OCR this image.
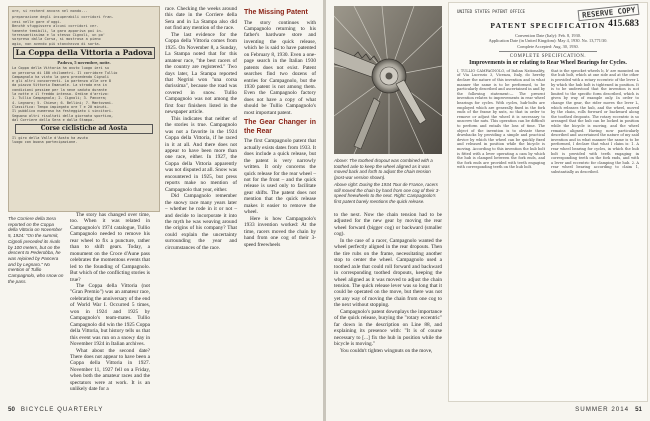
ore, si recherd ancora nel mondo...
preparazione degli insuperabili corridori fran-
cesi nelle gare d'oggi.
Benchè sfuggissero alcuni corridori cer-
tamente temibili, la gara appariva poi in-
teressantissima e lo stesso Cignoli, un po'
sorpreso dalla Corsa, si mostrava a pieno
agio, non avendo più stanchezza di sorta.
La Coppa della Vittoria a Padova
Padova, 5 novembre, notte.
La Coppa della Vittoria ha avuto luogo ieri su
un percorso di 180 chilometri. Il corridore Tullio
Campagnolo ha vinto la gara precedendo Cignoli
e gli altri concorrenti. La partenza alle ore 8
da piazza Vittorio Emanuele. La strada era in
condizioni pessime per la neve caduta durante
la notte e il freddo intenso. Ordine d'arrivo:
1. Tullio Campagnolo; 2. Cignoli; 3. Pancera;
4. Legnaro; 5. Chiese; 6. Bellini; 7. Mantovani.
Classifica: Tempo impiegato ore 7 e 20 minuti.
Il pubblico numeroso ha festeggiato i vincitori.
Seguono altri risultati della giornata sportiva,
dal Corriere della Sera e dalla Stampa.
Corse ciclistiche ad Aosta
Il giro della Valle d'Aosta ha avuto
luogo con buona partecipazione.
The Corriere della Sera reported on the Coppa della Vittoria on November 5, 1924: "On the summit, Cignoli preceded its rivals by 100 meters, but on the descent to Pederobba, he was rejoined by Pancera and by Legnaro." No mention of Tullio Campagnolo, who snow on the pass.

The story has changed over time, too. When it was related in Campagnolo's 1974 catalogue, Tullio Campagnolo needed to remove his rear wheel to fix a puncture, rather than to shift gears. Today, a monument on the Croce d'Aune pass celebrates the momentous events that led to the founding of Campagnolo. But which of the conflicting stories is true?

The Coppa della Vittoria (not "Gran Premio") was an amateur race, celebrating the anniversary of the end of World War I. Occurred 5 times, won in 1924 and 1925 by Campagnolo's team-mates. Tullio Campagnolo did win the 1925 Coppa della Vittoria, but history tells us that this event was run on a snowy day in November 1924 in Italian archives.

What about the second date? There does not appear to have been a Coppa della Vittoria in 1927. November 11, 1927 fell on a Friday, when both the amateur races and the spectators were at work. It is an unlikely date for a

race. Checking the weeks around this date in the Corriere della Sera and in La Stampa also did not find any mention of the race.

The last evidence for the Coppa della Vittoria comes from 1925. On November 8, a Sunday, La Stampa noted that for this amateur race, "the best racers of the country are registered." Two days later, La Stampa reported that Negrini won "una corsa durissima", because the road was covered in snow. Tullio Campagnolo was not among the first four finishers listed in the newspaper article.

This indicates that neither of the stories is true. Campagnolo was not a favorite in the 1924 Coppa della Vittoria, if he raced in it at all. And there does not appear to have been more than one race, either. In 1927, the Coppa della Vittoria apparently was not disputed at all. Snow was encountered in 1925, but press reports make no mention of Campagnolo that year, either.

Did Campagnolo remember the snowy race many years later – whether he rode in it or not – and decide to incorporate it into the myth he was weaving around the origins of his company? That could explain the uncertainty surrounding the year and circumstances of the race.

The Missing Patent

The story continues with Campagnolo returning to his father's hardware store and inventing the quick release, which he is said to have patented on February 8, 1930. Even a one-page search in the Italian 1930 patents does not exist. Patent searches find two dozens of entries for Campagnolo, but the 1930 patent is not among them. Even the Campagnolo factory does not have a copy of what should be Tullio Campagnolo's most important patent.

The Gear Changer in the Rear

The first Campagnolo patent that actually exists dates from 1933. It does include a quick release, but the patent is very narrowly written. It only concerns the quick release for the rear wheel – not for the front – and the quick release is used only to facilitate gear shifts. The patent does not mention that the quick release makes it easier to remove the wheel.

Here is how Campagnolo's 1933 invention worked: At the time, racers moved the chain by hand from one cog of their 3-speed freewheels

50 BICYCLE QUARTERLY
Above: The toothed dropout was combined with a toothed axle to keep the wheel aligned as it was moved back and forth to adjust the chain tension (post-war version shown).
Above right: During the 1934 Tour de France, racers still moved the chain by hand from one cog of their 3-speed freewheels to the next. Right: Campagnolo's first patent barely mentions the quick release.

to the next. Now the chain tension had to be adjusted for the new gear by moving the rear wheel forward (bigger cog) or backward (smaller cog).

In the case of a racer, Campagnolo wanted the wheel perfectly aligned in the rear dropouts. Then the tire rubs on the frame, necessitating another stop to center the wheel. Campagnolo used a toothed axle that could roll forward and backward in corresponding toothed dropouts, keeping the wheel aligned as it was moved to adjust the chain tension. The quick release lever was so long that it could be operated on the move, but there was not yet any way of moving the chain from one cog to the next without stopping.

Campagnolo's patent downplays the importance of the quick release, burying the "rotary eccentric" far down in the description on Line 88, and explaining its presence with: "It is of course necessary to [...] fix the hub in position while the bicycle is moving."

You couldn't tighten wingnuts on the move,

UNITED STATES PATENT OFFICE	RESERVE COPY
415.683
PATENT SPECIFICATION
Convention Date (Italy): Feb. 8, 1930.
Application Date (in United Kingdom): May 4, 1930. No. 13,771/30.
Complete Accepted: Aug. 30, 1930.
COMPLETE SPECIFICATION.
Improvements in or relating to Rear Wheel Bearings for Cycles.
I, TULLIO CAMPAGNOLO, of Italian Nationality, of Via Lucrezio 3, Vicenza, Italy, do hereby declare the nature of this invention and in what manner the same is to be performed, to be particularly described and ascertained in and by the following statement:— The present invention relates to improvements in rear wheel bearings for cycles. With cycles, hub-bolts are employed which are generally fixed in the fork ends of the frame by nuts, so that in order to remove or adjust the wheel it is necessary to unscrew the nuts. This operation can be difficult to perform and entails the loss of time. The object of the invention is to obviate these drawbacks by providing a simple and practical device by which the wheel can be quickly fixed and released in position while the bicycle is moving. According to this invention the hub bolt is fitted with a lever operating a cam by which the hub is clamped between the fork ends, and the fork ends are provided with teeth engaging with corresponding teeth on the hub bolt.
that is the sprocket wheels b, b' are mounted on the hub bolt, which at one side and at the other is provided with a rotary eccentric of the lever L by which the hub bolt is tightened in position. It is to be understood that the invention is not limited to the specific form described, which is given by way of example only. In order to change the gear, the rider moves the lever L, which releases the hub, and the wheel, moved by the chain, rolls forward or backward along the toothed dropouts. The rotary eccentric is so arranged that the hub can be locked in position while the bicycle is moving, and the wheel remains aligned. Having now particularly described and ascertained the nature of my said invention and in what manner the same is to be performed, I declare that what I claim is: 1. A rear wheel bearing for cycles, in which the hub bolt is provided with teeth engaging in corresponding teeth on the fork ends, and with a lever and eccentric for clamping the hub. 2. A rear wheel bearing according to claim 1, substantially as described.
SUMMER 2014 51
